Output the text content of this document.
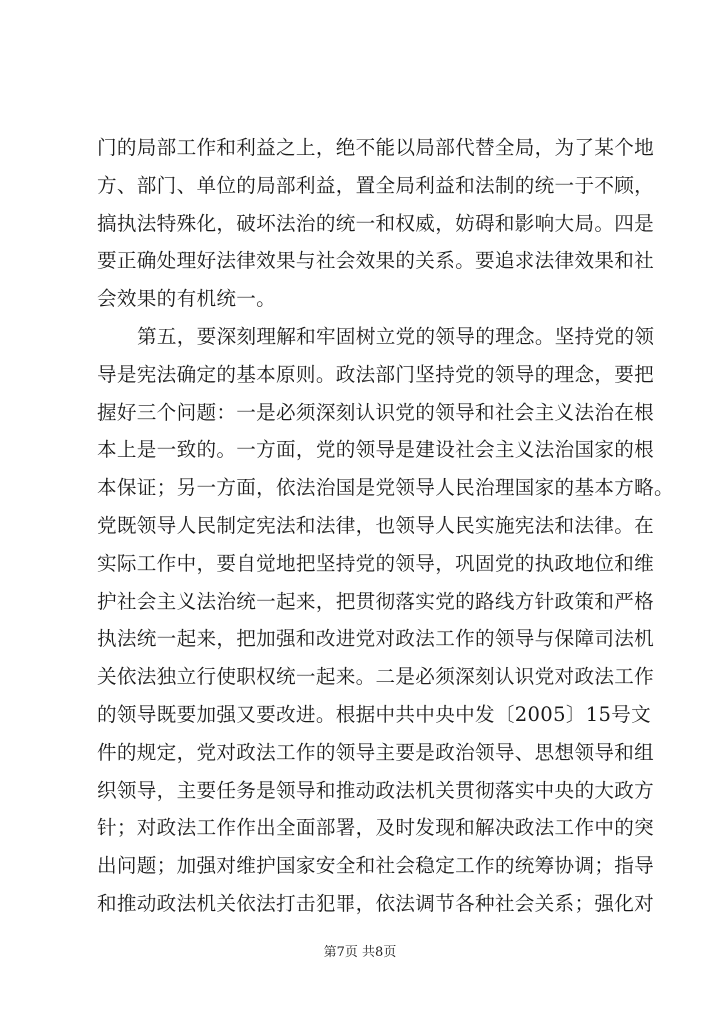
门的局部工作和利益之上，绝不能以局部代替全局，为了某个地
方、部门、单位的局部利益，置全局利益和法制的统一于不顾，
搞执法特殊化，破坏法治的统一和权威，妨碍和影响大局。四是
要正确处理好法律效果与社会效果的关系。要追求法律效果和社
会效果的有机统一。
第五，要深刻理解和牢固树立党的领导的理念。坚持党的领
导是宪法确定的基本原则。政法部门坚持党的领导的理念，要把
握好三个问题：一是必须深刻认识党的领导和社会主义法治在根
本上是一致的。一方面，党的领导是建设社会主义法治国家的根
本保证；另一方面，依法治国是党领导人民治理国家的基本方略。
党既领导人民制定宪法和法律，也领导人民实施宪法和法律。在
实际工作中，要自觉地把坚持党的领导，巩固党的执政地位和维
护社会主义法治统一起来，把贯彻落实党的路线方针政策和严格
执法统一起来，把加强和改进党对政法工作的领导与保障司法机
关依法独立行使职权统一起来。二是必须深刻认识党对政法工作
的领导既要加强又要改进。根据中共中央中发〔2005〕15号文
件的规定，党对政法工作的领导主要是政治领导、思想领导和组
织领导，主要任务是领导和推动政法机关贯彻落实中央的大政方
针；对政法工作作出全面部署，及时发现和解决政法工作中的突
出问题；加强对维护国家安全和社会稳定工作的统筹协调；指导
和推动政法机关依法打击犯罪，依法调节各种社会关系；强化对
第7页 共8页
